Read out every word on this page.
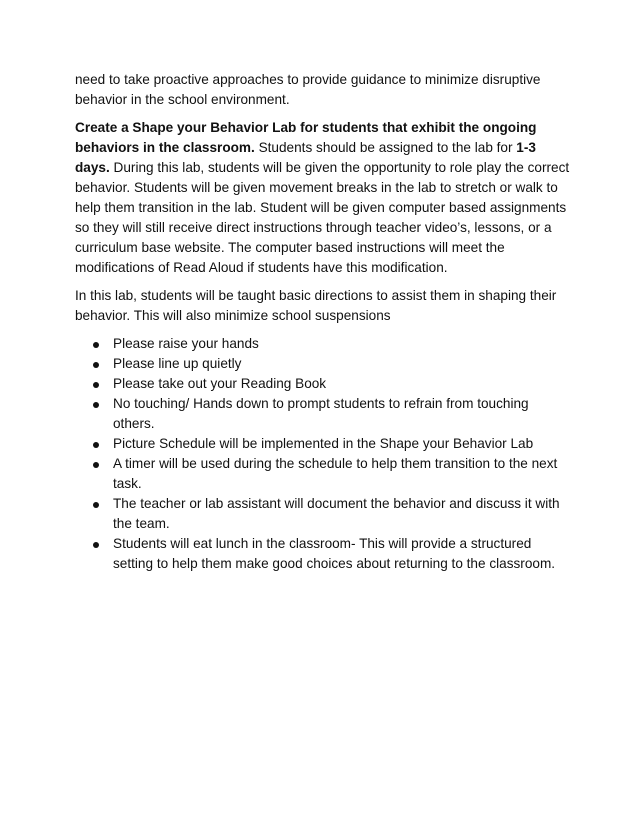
need to take proactive approaches to provide guidance to minimize disruptive behavior in the school environment.

Create a Shape your Behavior Lab for students that exhibit the ongoing behaviors in the classroom. Students should be assigned to the lab for 1-3 days. During this lab, students will be given the opportunity to role play the correct behavior. Students will be given movement breaks in the lab to stretch or walk to help them transition in the lab. Student will be given computer based assignments so they will still receive direct instructions through teacher video’s, lessons, or a curriculum base website. The computer based instructions will meet the modifications of Read Aloud if students have this modification.

In this lab, students will be taught basic directions to assist them in shaping their behavior. This will also minimize school suspensions

Please raise your hands
Please line up quietly
Please take out your Reading Book
No touching/ Hands down to prompt students to refrain from touching others.
Picture Schedule will be implemented in the Shape your Behavior Lab
A timer will be used during the schedule to help them transition to the next task.
The teacher or lab assistant will document the behavior and discuss it with the team.
Students will eat lunch in the classroom- This will provide a structured setting to help them make good choices about returning to the classroom.
